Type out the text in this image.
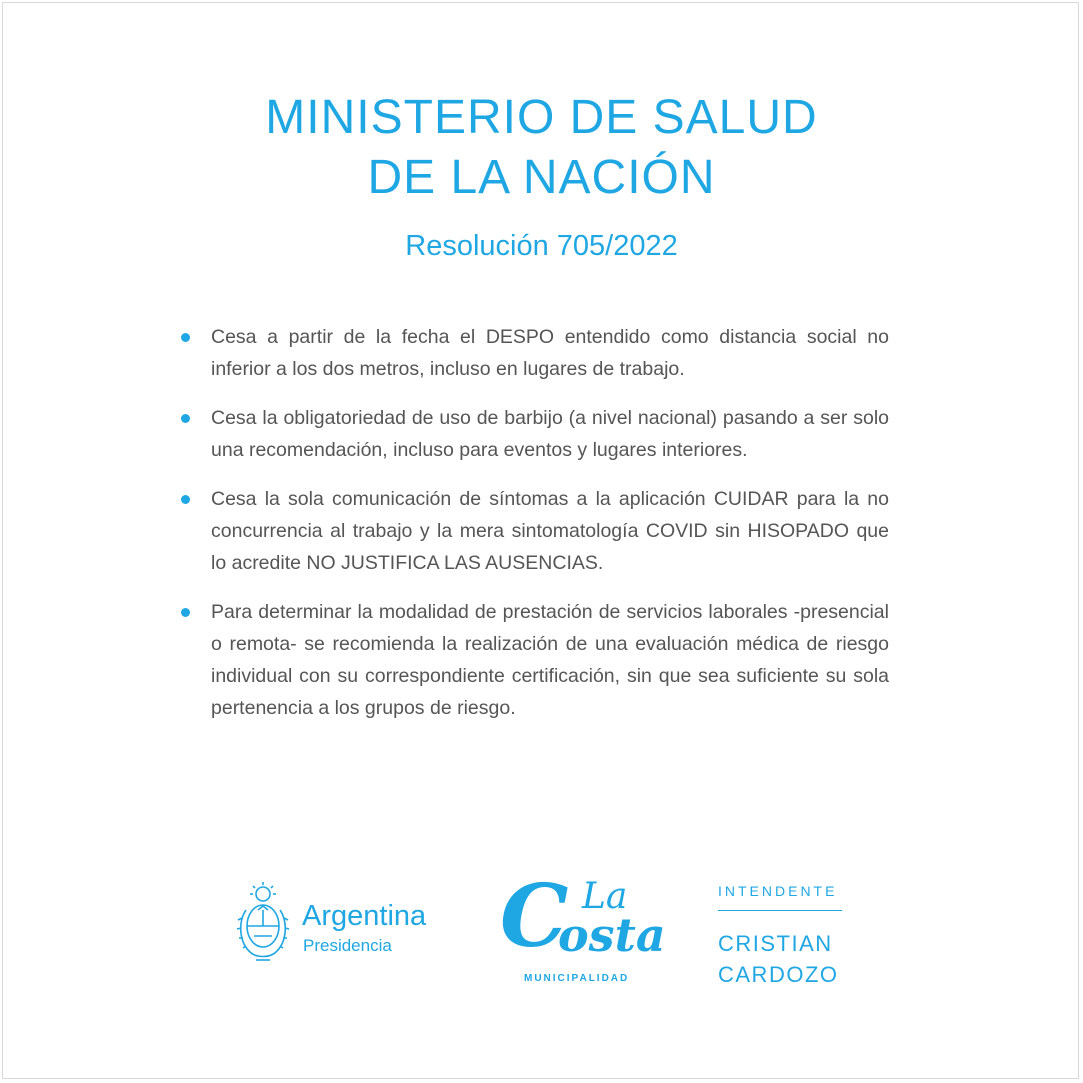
MINISTERIO DE SALUD
DE LA NACIÓN
Resolución 705/2022
Cesa a partir de la fecha el DESPO entendido como distancia social no inferior a los dos metros, incluso en lugares de trabajo.
Cesa la obligatoriedad de uso de barbijo (a nivel nacional) pasando a ser solo una recomendación, incluso para eventos y lugares interiores.
Cesa la sola comunicación de síntomas a la aplicación CUIDAR para la no concurrencia al trabajo y la mera sintomatología COVID sin HISOPADO que lo acredite NO JUSTIFICA LAS AUSENCIAS.
Para determinar la modalidad de prestación de servicios laborales -presencial o remota- se recomienda la realización de una evaluación médica de riesgo individual con su correspondiente certificación, sin que sea suficiente su sola pertenencia a los grupos de riesgo.
Argentina
Presidencia C La
osta
MUNICIPALIDAD
INTENDENTE
CRISTIAN
CARDOZO
